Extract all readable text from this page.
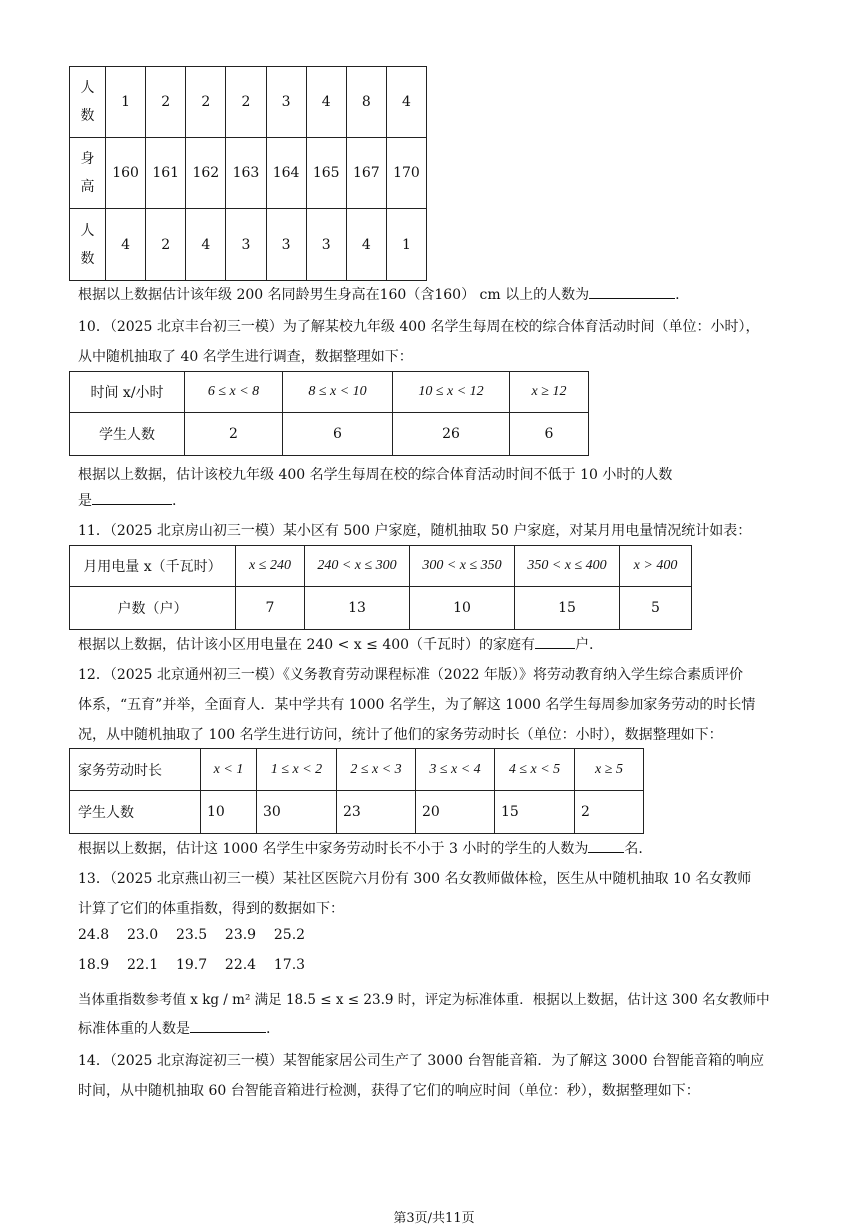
人
数	1	2	2	2	3	4	8	4

身
高	160	161	162	163	164	165	167	170

人
数	4	2	4	3	3	3	4	1
根据以上数据估计该年级 200 名同龄男生身高在160（含160） cm 以上的人数为	.
10．（2025 北京丰台初三一模）为了解某校九年级 400 名学生每周在校的综合体育活动时间（单位：小时），
从中随机抽取了 40 名学生进行调查，数据整理如下：
时间 x/小时	6 ≤ x < 8	8 ≤ x < 10	10 ≤ x < 12	x ≥ 12
学生人数	2	6	26	6
根据以上数据，估计该校九年级 400 名学生每周在校的综合体育活动时间不低于 10 小时的人数
是	.
11．（2025 北京房山初三一模）某小区有 500 户家庭，随机抽取 50 户家庭，对某月用电量情况统计如表：
月用电量 x（千瓦时）	x ≤ 240	240 < x ≤ 300	300 < x ≤ 350	350 < x ≤ 400	x > 400
户数（户）	7	13	10	15	5
根据以上数据，估计该小区用电量在 240 < x ≤ 400（千瓦时）的家庭有	户.
12．（2025 北京通州初三一模）《义务教育劳动课程标准（2022 年版）》将劳动教育纳入学生综合素质评价
体系，“五育”并举，全面育人．某中学共有 1000 名学生，为了解这 1000 名学生每周参加家务劳动的时长情
况，从中随机抽取了 100 名学生进行访问，统计了他们的家务劳动时长（单位：小时），数据整理如下：
家务劳动时长	x < 1	1 ≤ x < 2	2 ≤ x < 3	3 ≤ x < 4	4 ≤ x < 5	x ≥ 5
学生人数	10	30	23	20	15	2
根据以上数据，估计这 1000 名学生中家务劳动时长不小于 3 小时的学生的人数为	名.
13．（2025 北京燕山初三一模）某社区医院六月份有 300 名女教师做体检，医生从中随机抽取 10 名女教师
计算了它们的体重指数，得到的数据如下：
24.8    23.0    23.5    23.9    25.2
18.9    22.1    19.7    22.4    17.3
当体重指数参考值 x kg / m² 满足 18.5 ≤ x ≤ 23.9 时，评定为标准体重．根据以上数据，估计这 300 名女教师中
标准体重的人数是	.
14．（2025 北京海淀初三一模）某智能家居公司生产了 3000 台智能音箱．为了解这 3000 台智能音箱的响应
时间，从中随机抽取 60 台智能音箱进行检测，获得了它们的响应时间（单位：秒），数据整理如下：
第3页/共11页
